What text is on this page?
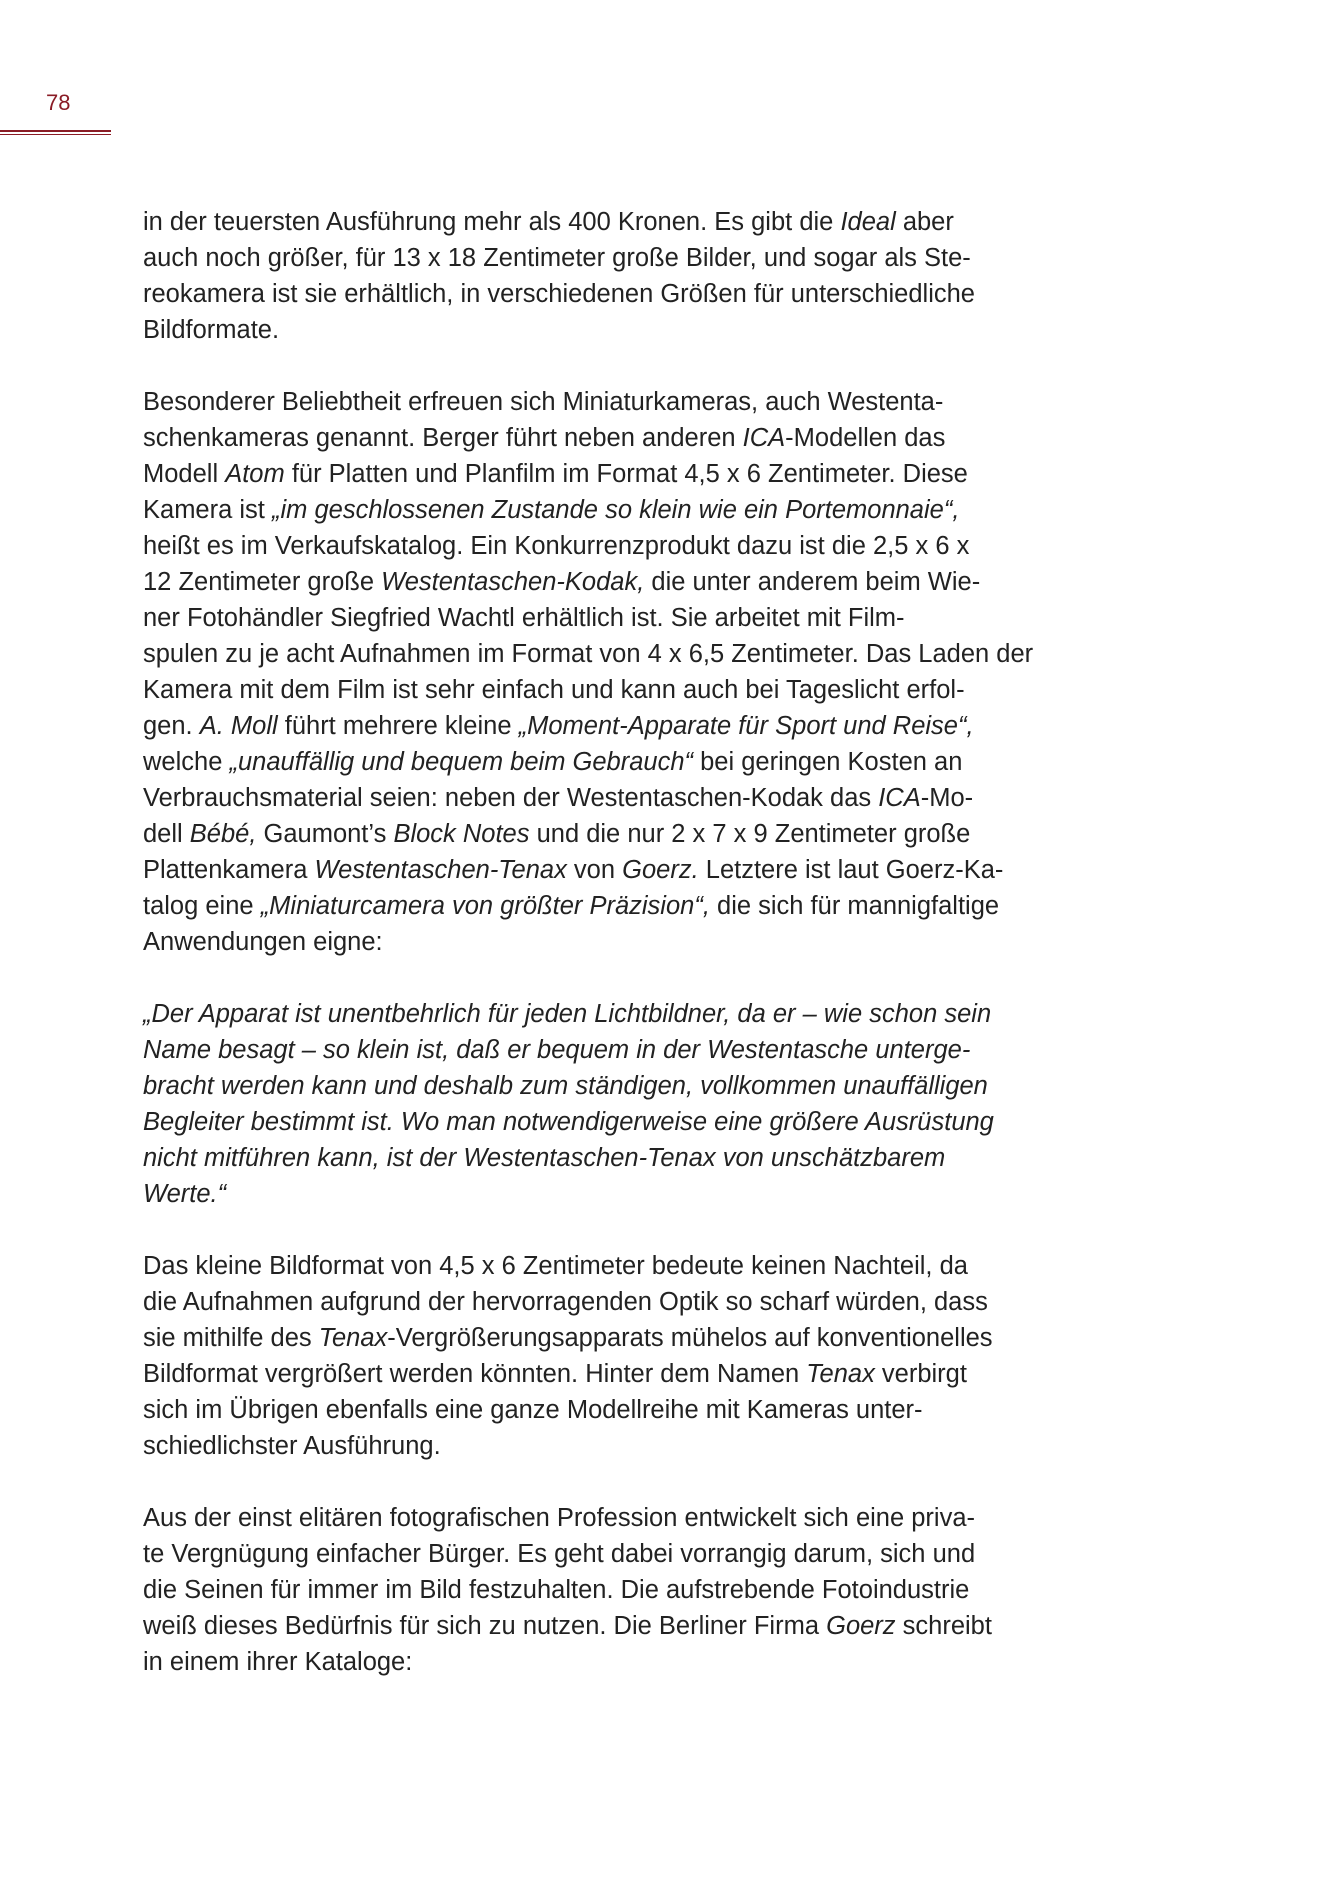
78
in der teuersten Ausführung mehr als 400 Kronen. Es gibt die Ideal aber
auch noch größer, für 13 x 18 Zentimeter große Bilder, und sogar als Ste-
reokamera ist sie erhältlich, in verschiedenen Größen für unterschiedliche
Bildformate.
Besonderer Beliebtheit erfreuen sich Miniaturkameras, auch Westenta-
schenkameras genannt. Berger führt neben anderen ICA-Modellen das
Modell Atom für Platten und Planfilm im Format 4,5 x 6 Zentimeter. Diese
Kamera ist „im geschlossenen Zustande so klein wie ein Portemonnaie“,
heißt es im Verkaufskatalog. Ein Konkurrenzprodukt dazu ist die 2,5 x 6 x
12 Zentimeter große Westentaschen-Kodak, die unter anderem beim Wie-
ner Fotohändler Siegfried Wachtl erhältlich ist. Sie arbeitet mit Film-
spulen zu je acht Aufnahmen im Format von 4 x 6,5 Zentimeter. Das Laden der
Kamera mit dem Film ist sehr einfach und kann auch bei Tageslicht erfol-
gen. A. Moll führt mehrere kleine „Moment-Apparate für Sport und Reise“,
welche „unauffällig und bequem beim Gebrauch“ bei geringen Kosten an
Verbrauchsmaterial seien: neben der Westentaschen-Kodak das ICA-Mo-
dell Bébé, Gaumont’s Block Notes und die nur 2 x 7 x 9 Zentimeter große
Plattenkamera Westentaschen-Tenax von Goerz. Letztere ist laut Goerz-Ka-
talog eine „Miniaturcamera von größter Präzision“, die sich für mannigfaltige
Anwendungen eigne:
„Der Apparat ist unentbehrlich für jeden Lichtbildner, da er – wie schon sein
Name besagt – so klein ist, daß er bequem in der Westentasche unterge-
bracht werden kann und deshalb zum ständigen, vollkommen unauffälligen
Begleiter bestimmt ist. Wo man notwendigerweise eine größere Ausrüstung
nicht mitführen kann, ist der Westentaschen-Tenax von unschätzbarem
Werte.“
Das kleine Bildformat von 4,5 x 6 Zentimeter bedeute keinen Nachteil, da
die Aufnahmen aufgrund der hervorragenden Optik so scharf würden, dass
sie mithilfe des Tenax-Vergrößerungsapparats mühelos auf konventionelles
Bildformat vergrößert werden könnten. Hinter dem Namen Tenax verbirgt
sich im Übrigen ebenfalls eine ganze Modellreihe mit Kameras unter-
schiedlichster Ausführung.
Aus der einst elitären fotografischen Profession entwickelt sich eine priva-
te Vergnügung einfacher Bürger. Es geht dabei vorrangig darum, sich und
die Seinen für immer im Bild festzuhalten. Die aufstrebende Fotoindustrie
weiß dieses Bedürfnis für sich zu nutzen. Die Berliner Firma Goerz schreibt
in einem ihrer Kataloge:
